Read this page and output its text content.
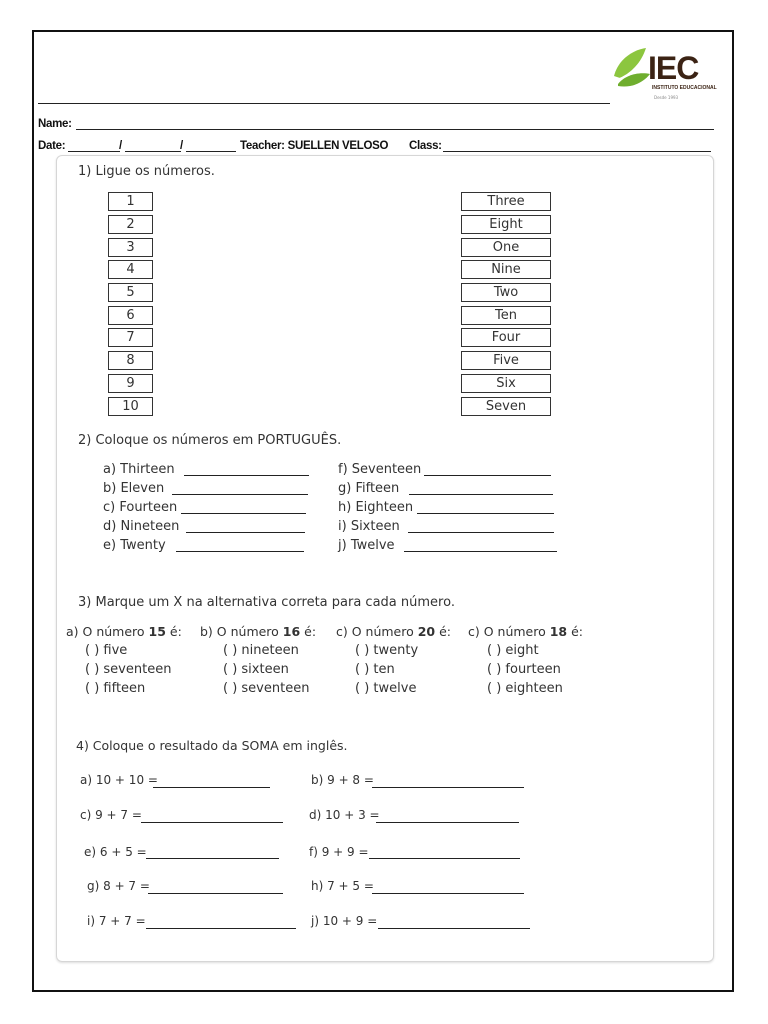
IEC
INSTITUTO EDUCACIONAL
Desde 1993
Name:
Date:	/	/	Teacher: SUELLEN VELOSO Class:
1) Ligue os números.
1
2
3
4
5
6
7
8
9
10
Three
Eight
One
Nine
Two
Ten
Four
Five
Six
Seven
2) Coloque os números em PORTUGUÊS.
a) Thirteen
b) Eleven
c) Fourteen
d) Nineteen
e) Twenty
f) Seventeen
g) Fifteen
h) Eighteen
i) Sixteen
j) Twelve
3) Marque um X na alternativa correta para cada número.
a) O número 15 é:
( ) five
( ) seventeen
( ) fifteen
b) O número 16 é:
( ) nineteen
( ) sixteen
( ) seventeen
c) O número 20 é:
( ) twenty
( ) ten
( ) twelve
c) O número 18 é:
( ) eight
( ) fourteen
( ) eighteen
4) Coloque o resultado da SOMA em inglês.
a) 10 + 10 =
c) 9 + 7 =
e) 6 + 5 =
g) 8 + 7 =
i) 7 + 7 =
b) 9 + 8 =
d) 10 + 3 =
f) 9 + 9 =
h) 7 + 5 =
j) 10 + 9 =
